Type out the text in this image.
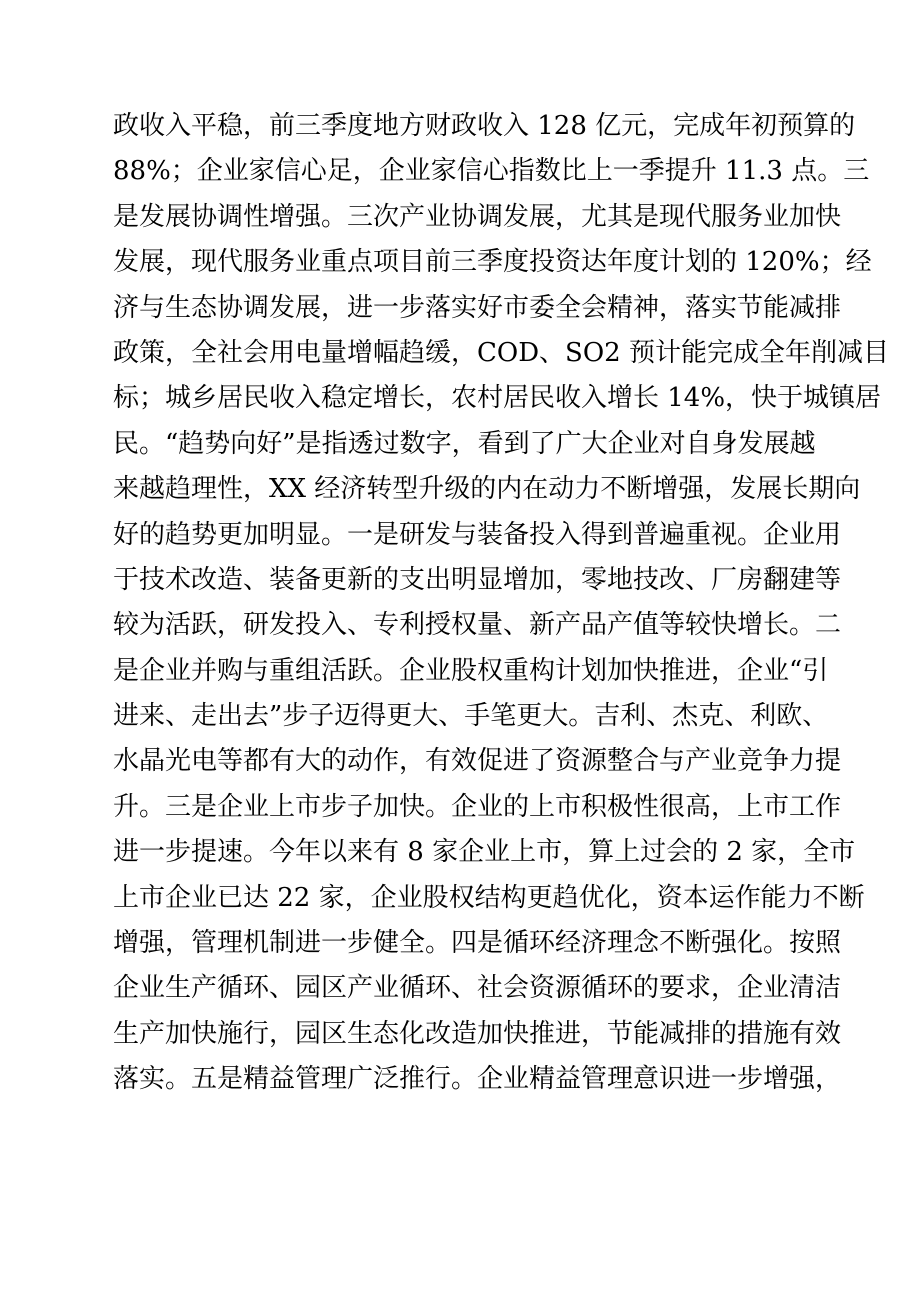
政收入平稳，前三季度地方财政收入 128 亿元，完成年初预算的
88%；企业家信心足，企业家信心指数比上一季提升 11.3 点。三
是发展协调性增强。三次产业协调发展，尤其是现代服务业加快
发展，现代服务业重点项目前三季度投资达年度计划的 120%；经
济与生态协调发展，进一步落实好市委全会精神，落实节能减排
政策，全社会用电量增幅趋缓，COD、SO2 预计能完成全年削减目
标；城乡居民收入稳定增长，农村居民收入增长 14%，快于城镇居
民。“趋势向好”是指透过数字，看到了广大企业对自身发展越
来越趋理性，XX 经济转型升级的内在动力不断增强，发展长期向
好的趋势更加明显。一是研发与装备投入得到普遍重视。企业用
于技术改造、装备更新的支出明显增加，零地技改、厂房翻建等
较为活跃，研发投入、专利授权量、新产品产值等较快增长。二
是企业并购与重组活跃。企业股权重构计划加快推进，企业“引
进来、走出去”步子迈得更大、手笔更大。吉利、杰克、利欧、
水晶光电等都有大的动作，有效促进了资源整合与产业竞争力提
升。三是企业上市步子加快。企业的上市积极性很高，上市工作
进一步提速。今年以来有 8 家企业上市，算上过会的 2 家，全市
上市企业已达 22 家，企业股权结构更趋优化，资本运作能力不断
增强，管理机制进一步健全。四是循环经济理念不断强化。按照
企业生产循环、园区产业循环、社会资源循环的要求，企业清洁
生产加快施行，园区生态化改造加快推进，节能减排的措施有效
落实。五是精益管理广泛推行。企业精益管理意识进一步增强，
